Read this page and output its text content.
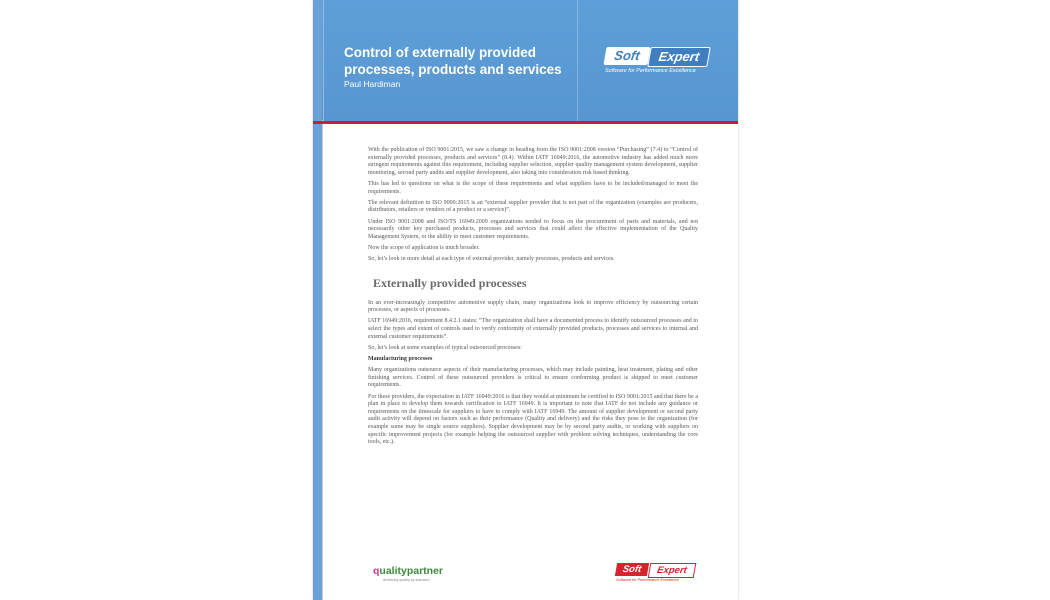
Control of externally provided processes, products and services
Paul Hardiman
Soft	Expert
Software for Performance Excellence

With the publication of ISO 9001:2015, we saw a change in heading from the ISO 9001:2008 version “Purchasing” (7.4) to “Control of externally provided processes, products and services” (8.4). Within IATF 16949:2016, the automotive industry has added much more stringent requirements against this requirement, including supplier selection, supplier quality management system development, supplier monitoring, second party audits and supplier development, also taking into consideration risk based thinking.

This has led to questions on what is the scope of these requirements and what suppliers have to be included/managed to meet the requirements.

The relevant definition in ISO 9000:2015 is an “external supplier provider that is not part of the organization (examples are producers, distributors, retailers or vendors of a product or a service)”.

Under ISO 9001:2008 and ISO/TS 16949:2009 organizations tended to focus on the procurement of parts and materials, and not necessarily other key purchased products, processes and services that could affect the effective implementation of the Quality Management System, or the ability to meet customer requirements.

Now the scope of application is much broader.

So, let’s look in more detail at each type of external provider, namely processes, products and services.

Externally provided processes

In an ever-increasingly competitive automotive supply chain, many organizations look to improve efficiency by outsourcing certain processes, or aspects of processes.

IATF 16949:2016, requirement 8.4.2.1 states: “The organization shall have a documented process to identify outsourced processes and to select the types and extent of controls used to verify conformity of externally provided products, processes and services to internal and external customer requirements”.

So, let’s look at some examples of typical outsourced processes:

Manufacturing processes

Many organizations outsource aspects of their manufacturing processes, which may include painting, heat treatment, plating and other finishing services. Control of these outsourced providers is critical to ensure conforming product is shipped to meet customer requirements.

For these providers, the expectation in IATF 16949:2016 is that they would at minimum be certified to ISO 9001:2015 and that there be a plan in place to develop them towards certification to IATF 16949. It is important to note that IATF do not include any guidance or requirements on the timescale for suppliers to have to comply with IATF 16949. The amount of supplier development or second party audit activity will depend on factors such as their performance (Quality and delivery) and the risks they pose to the organization (for example some may be single source suppliers). Supplier development may be by second party audits, or working with suppliers on specific improvement projects (for example helping the outsourced supplier with problem solving techniques, understanding the core tools, etc.).

qualitypartner
delivering quality by standard
Soft	Expert
Software for Performance Excellence
